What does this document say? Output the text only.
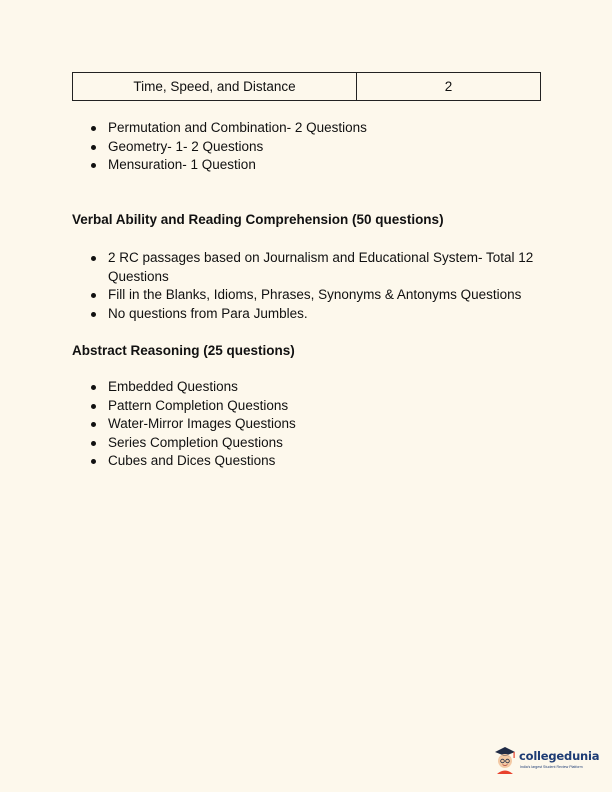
Time, Speed, and Distance	2
Permutation and Combination- 2 Questions
Geometry- 1- 2 Questions
Mensuration- 1 Question
Verbal Ability and Reading Comprehension (50 questions)
2 RC passages based on Journalism and Educational System- Total 12 Questions
Fill in the Blanks, Idioms, Phrases, Synonyms & Antonyms Questions
No questions from Para Jumbles.
Abstract Reasoning (25 questions)
Embedded Questions
Pattern Completion Questions
Water-Mirror Images Questions
Series Completion Questions
Cubes and Dices Questions
collegedunia
India's largest Student Review Platform
